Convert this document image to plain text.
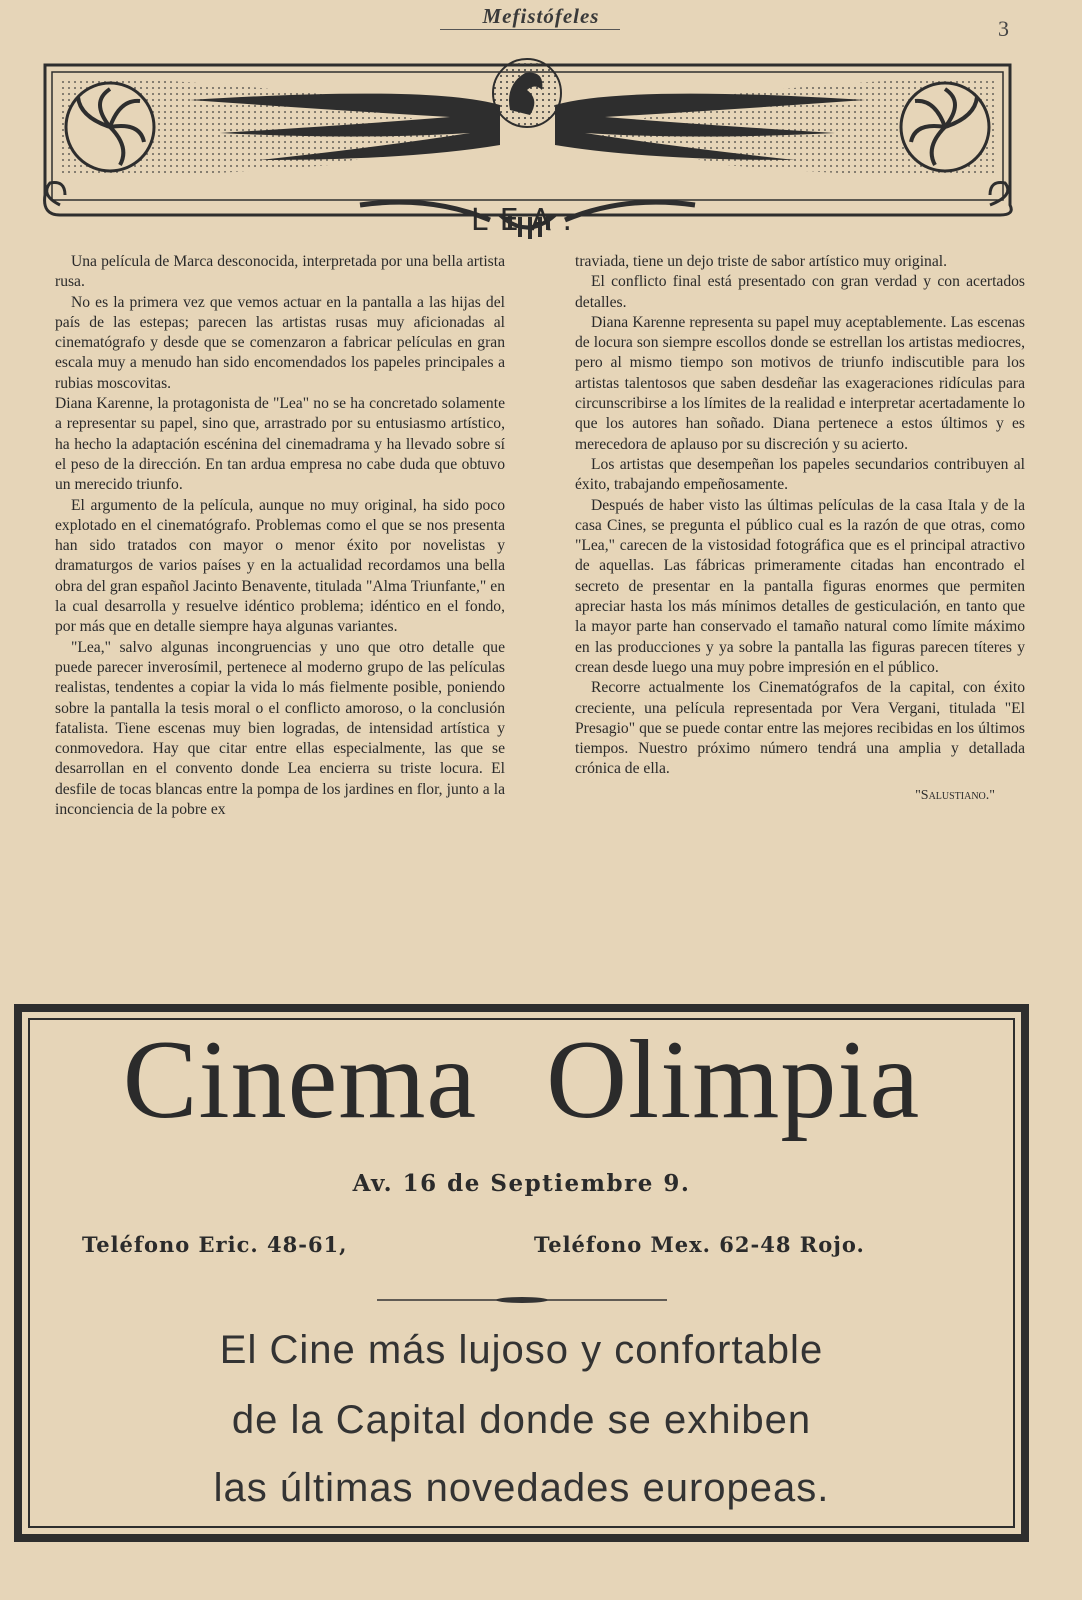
Mefistófeles	3
LEA.

Una película de Marca desconocida, interpretada por una bella artista rusa.

No es la primera vez que vemos actuar en la pantalla a las hijas del país de las estepas; parecen las artistas rusas muy aficionadas al cinematógrafo y desde que se comenzaron a fabricar películas en gran escala muy a menudo han sido encomendados los papeles principales a rubias moscovitas.

Diana Karenne, la protagonista de "Lea" no se ha concretado solamente a representar su papel, sino que, arrastrado por su entusiasmo artístico, ha hecho la adaptación escénina del cinemadrama y ha llevado sobre sí el peso de la dirección. En tan ardua empresa no cabe duda que obtuvo un merecido triunfo.

El argumento de la película, aunque no muy original, ha sido poco explotado en el cinematógrafo. Problemas como el que se nos presenta han sido tratados con mayor o menor éxito por novelistas y dramaturgos de varios países y en la actualidad recordamos una bella obra del gran español Jacinto Benavente, titulada "Alma Triunfante," en la cual desarrolla y resuelve idéntico problema; idéntico en el fondo, por más que en detalle siempre haya algunas variantes.

"Lea," salvo algunas incongruencias y uno que otro detalle que puede parecer inverosímil, pertenece al moderno grupo de las películas realistas, tendentes a copiar la vida lo más fielmente posible, poniendo sobre la pantalla la tesis moral o el conflicto amoroso, o la conclusión fatalista. Tiene escenas muy bien logradas, de intensidad artística y conmovedora. Hay que citar entre ellas especialmente, las que se desarrollan en el convento donde Lea encierra su triste locura. El desfile de tocas blancas entre la pompa de los jardines en flor, junto a la inconciencia de la pobre ex

traviada, tiene un dejo triste de sabor artístico muy original.

El conflicto final está presentado con gran verdad y con acertados detalles.

Diana Karenne representa su papel muy aceptablemente. Las escenas de locura son siempre escollos donde se estrellan los artistas mediocres, pero al mismo tiempo son motivos de triunfo indiscutible para los artistas talentosos que saben desdeñar las exageraciones ridículas para circunscribirse a los límites de la realidad e interpretar acertadamente lo que los autores han soñado. Diana pertenece a estos últimos y es merecedora de aplauso por su discreción y su acierto.

Los artistas que desempeñan los papeles secundarios contribuyen al éxito, trabajando empeñosamente.

Después de haber visto las últimas películas de la casa Itala y de la casa Cines, se pregunta el público cual es la razón de que otras, como "Lea," carecen de la vistosidad fotográfica que es el principal atractivo de aquellas. Las fábricas primeramente citadas han encontrado el secreto de presentar en la pantalla figuras enormes que permiten apreciar hasta los más mínimos detalles de gesticulación, en tanto que la mayor parte han conservado el tamaño natural como límite máximo en las producciones y ya sobre la pantalla las figuras parecen títeres y crean desde luego una muy pobre impresión en el público.

Recorre actualmente los Cinematógrafos de la capital, con éxito creciente, una película representada por Vera Vergani, titulada "El Presagio" que se puede contar entre las mejores recibidas en los últimos tiempos. Nuestro próximo número tendrá una amplia y detallada crónica de ella.

"Salustiano."
Cinema Olimpia
Av. 16 de Septiembre 9.
Teléfono Eric. 48-61,	Teléfono Mex. 62-48 Rojo.
El Cine más lujoso y confortable
de la Capital donde se exhiben
las últimas novedades europeas.
